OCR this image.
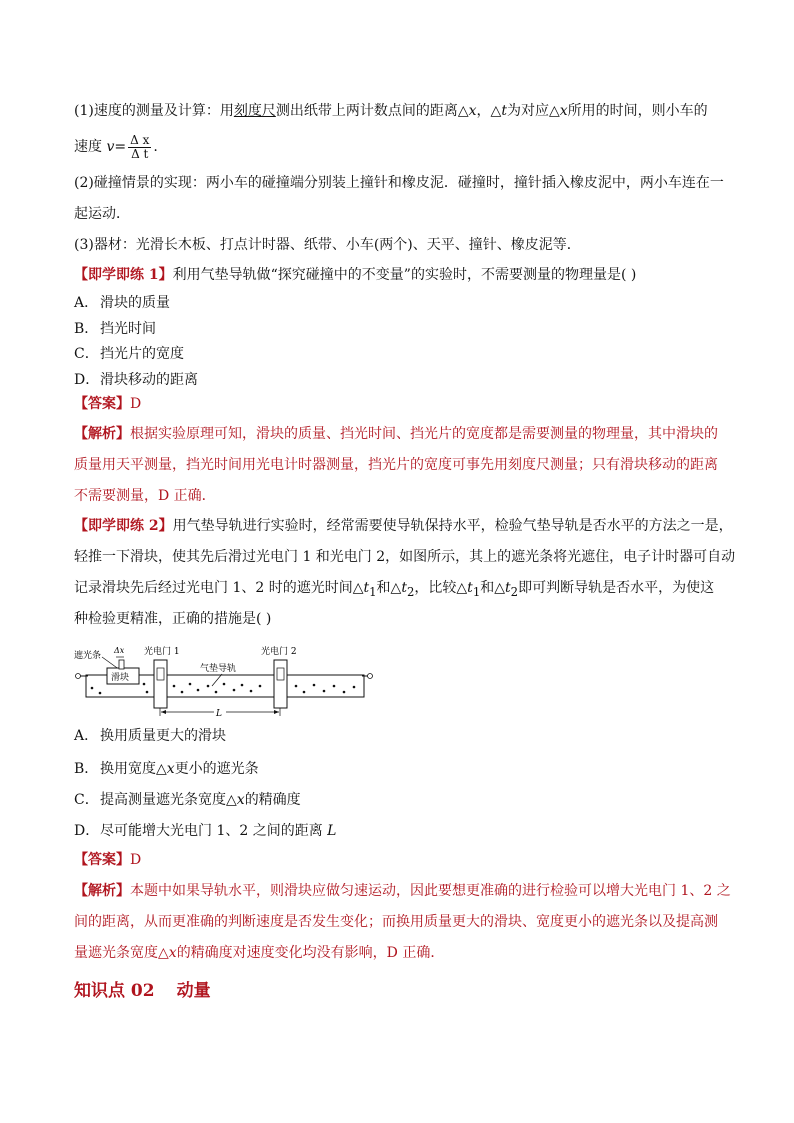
(1)速度的测量及计算：用刻度尺测出纸带上两计数点间的距离△x，△t为对应△x所用的时间，则小车的
速度 $v= \frac{\text{Δ x}}{\text{Δ t}}$ .
(2)碰撞情景的实现：两小车的碰撞端分别装上撞针和橡皮泥．碰撞时，撞针插入橡皮泥中，两小车连在一
起运动．
(3)器材：光滑长木板、打点计时器、纸带、小车(两个)、天平、撞针、橡皮泥等．
【即学即练 1】利用气垫导轨做“探究碰撞中的不变量”的实验时，不需要测量的物理量是( )
A． 滑块的质量
B． 挡光时间
C．挡光片的宽度
D．滑块移动的距离
【答案】D
【解析】根据实验原理可知，滑块的质量、挡光时间、挡光片的宽度都是需要测量的物理量，其中滑块的
质量用天平测量，挡光时间用光电计时器测量，挡光片的宽度可事先用刻度尺测量；只有滑块移动的距离
不需要测量，D 正确．
【即学即练 2】用气垫导轨进行实验时，经常需要使导轨保持水平，检验气垫导轨是否水平的方法之一是，
轻推一下滑块，使其先后滑过光电门 1 和光电门 2，如图所示，其上的遮光条将光遮住，电子计时器可自动
记录滑块先后经过光电门 1、2 时的遮光时间$\triangle t_1$和$\triangle t_2$，比较$\triangle t_1$和$\triangle t_2$即可判断导轨是否水平，为使这
种检验更精准，正确的措施是( )
遮光条
Δx 光电门 1	光电门 2
气垫导轨
滑块
L
A． 换用质量更大的滑块
B． 换用宽度△x更小的遮光条
C．提高测量遮光条宽度△x的精确度
D．尽可能增大光电门 1、2 之间的距离 L
【答案】D
【解析】本题中如果导轨水平，则滑块应做匀速运动，因此要想更准确的进行检验可以增大光电门 1、2 之
间的距离，从而更准确的判断速度是否发生变化；而换用质量更大的滑块、宽度更小的遮光条以及提高测
量遮光条宽度△x的精确度对速度变化均没有影响，D 正确．
知识点 02 动量
